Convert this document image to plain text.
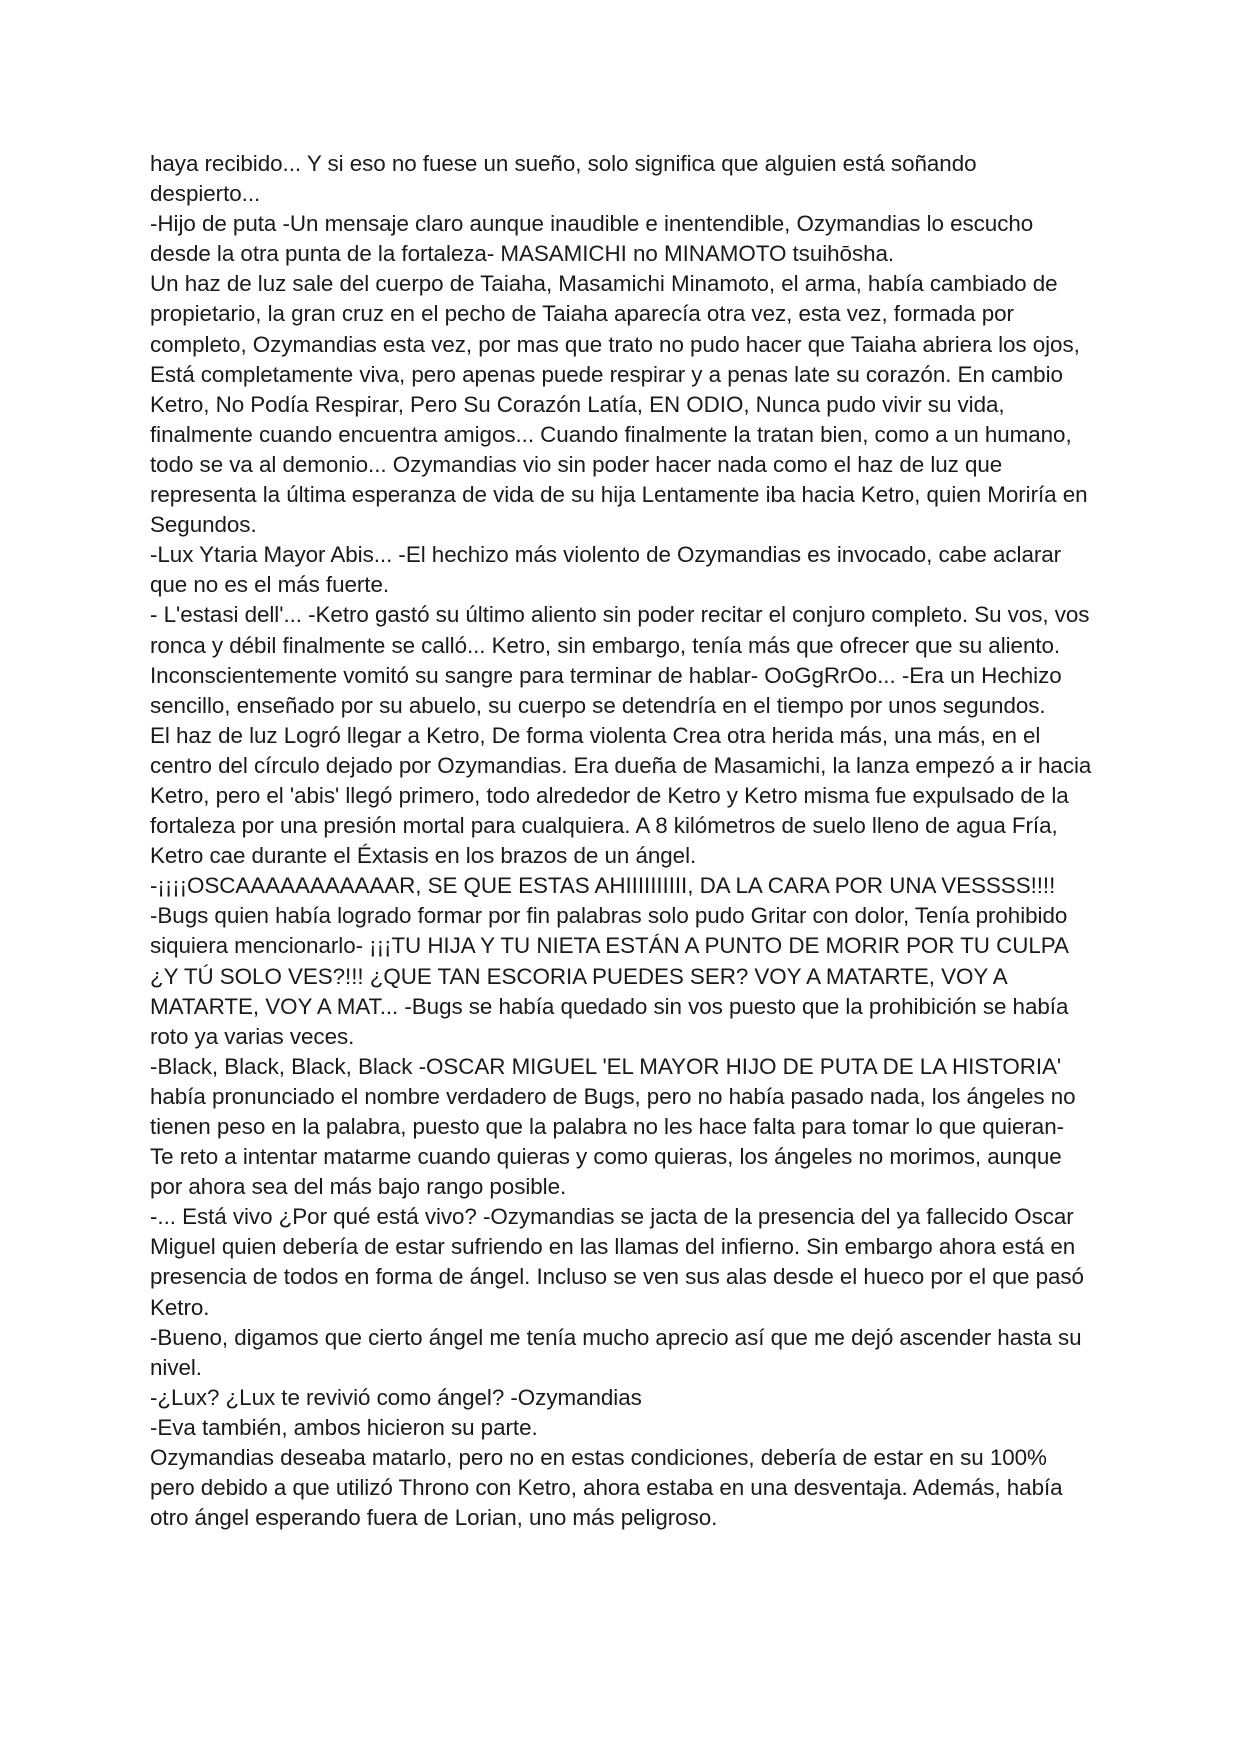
haya recibido... Y si eso no fuese un sueño, solo significa que alguien está soñando despierto...

-Hijo de puta -Un mensaje claro aunque inaudible e inentendible, Ozymandias lo escucho desde la otra punta de la fortaleza- MASAMICHI no MINAMOTO tsuihōsha.

Un haz de luz sale del cuerpo de Taiaha, Masamichi Minamoto, el arma, había cambiado de propietario, la gran cruz en el pecho de Taiaha aparecía otra vez, esta vez, formada por completo, Ozymandias esta vez, por mas que trato no pudo hacer que Taiaha abriera los ojos, Está completamente viva, pero apenas puede respirar y a penas late su corazón. En cambio Ketro, No Podía Respirar, Pero Su Corazón Latía, EN ODIO, Nunca pudo vivir su vida, finalmente cuando encuentra amigos... Cuando finalmente la tratan bien, como a un humano, todo se va al demonio... Ozymandias vio sin poder hacer nada como el haz de luz que representa la última esperanza de vida de su hija Lentamente iba hacia Ketro, quien Moriría en Segundos.

-Lux Ytaria Mayor Abis... -El hechizo más violento de Ozymandias es invocado, cabe aclarar que no es el más fuerte.

- L'estasi dell'... -Ketro gastó su último aliento sin poder recitar el conjuro completo. Su vos, vos ronca y débil finalmente se calló... Ketro, sin embargo, tenía más que ofrecer que su aliento. Inconscientemente vomitó su sangre para terminar de hablar- OoGgRrOo... -Era un Hechizo sencillo, enseñado por su abuelo, su cuerpo se detendría en el tiempo por unos segundos.

El haz de luz Logró llegar a Ketro, De forma violenta Crea otra herida más, una más, en el centro del círculo dejado por Ozymandias. Era dueña de Masamichi, la lanza empezó a ir hacia Ketro, pero el 'abis' llegó primero, todo alrededor de Ketro y Ketro misma fue expulsado de la fortaleza por una presión mortal para cualquiera. A 8 kilómetros de suelo lleno de agua Fría, Ketro cae durante el Éxtasis en los brazos de un ángel.

-¡¡¡¡OSCAAAAAAAAAAAR, SE QUE ESTAS AHIIIIIIIIII, DA LA CARA POR UNA VESSSS!!!!

-Bugs quien había logrado formar por fin palabras solo pudo Gritar con dolor, Tenía prohibido siquiera mencionarlo- ¡¡¡TU HIJA Y TU NIETA ESTÁN A PUNTO DE MORIR POR TU CULPA ¿Y TÚ SOLO VES?!!! ¿QUE TAN ESCORIA PUEDES SER? VOY A MATARTE, VOY A MATARTE, VOY A MAT... -Bugs se había quedado sin vos puesto que la prohibición se había roto ya varias veces.

-Black, Black, Black, Black -OSCAR MIGUEL 'EL MAYOR HIJO DE PUTA DE LA HISTORIA' había pronunciado el nombre verdadero de Bugs, pero no había pasado nada, los ángeles no tienen peso en la palabra, puesto que la palabra no les hace falta para tomar lo que quieran- Te reto a intentar matarme cuando quieras y como quieras, los ángeles no morimos, aunque por ahora sea del más bajo rango posible.

-... Está vivo ¿Por qué está vivo? -Ozymandias se jacta de la presencia del ya fallecido Oscar Miguel quien debería de estar sufriendo en las llamas del infierno. Sin embargo ahora está en presencia de todos en forma de ángel. Incluso se ven sus alas desde el hueco por el que pasó Ketro.

-Bueno, digamos que cierto ángel me tenía mucho aprecio así que me dejó ascender hasta su nivel.

-¿Lux? ¿Lux te revivió como ángel? -Ozymandias

-Eva también, ambos hicieron su parte.

Ozymandias deseaba matarlo, pero no en estas condiciones, debería de estar en su 100% pero debido a que utilizó Throno con Ketro, ahora estaba en una desventaja. Además, había otro ángel esperando fuera de Lorian, uno más peligroso.
